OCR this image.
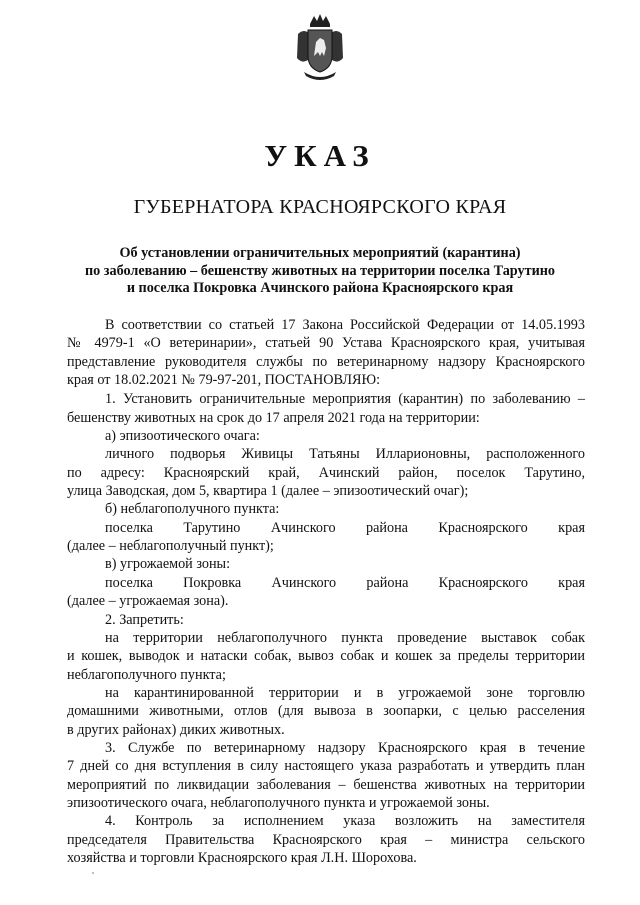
УКАЗ
ГУБЕРНАТОРА КРАСНОЯРСКОГО КРАЯ
Об установлении ограничительных мероприятий (карантина)
по заболеванию – бешенству животных на территории поселка Тарутино
и поселка Покровка Ачинского района Красноярского края
В соответствии со статьей 17 Закона Российской Федерации от 14.05.1993
№ 4979-1 «О ветеринарии», статьей 90 Устава Красноярского края, учитывая
представление руководителя службы по ветеринарному надзору Красноярского
края от 18.02.2021 № 79-97-201, ПОСТАНОВЛЯЮ:
1. Установить ограничительные мероприятия (карантин) по заболеванию –
бешенству животных на срок до 17 апреля 2021 года на территории:
а) эпизоотического очага:
личного подворья Живицы Татьяны Илларионовны, расположенного
по адресу: Красноярский край, Ачинский район, поселок Тарутино,
улица Заводская, дом 5, квартира 1 (далее – эпизоотический очаг);
б) неблагополучного пункта:
поселка Тарутино Ачинского района Красноярского края
(далее – неблагополучный пункт);
в) угрожаемой зоны:
поселка Покровка Ачинского района Красноярского края
(далее – угрожаемая зона).
2. Запретить:
на территории неблагополучного пункта проведение выставок собак
и кошек, выводок и натаски собак, вывоз собак и кошек за пределы территории
неблагополучного пункта;
на карантинированной территории и в угрожаемой зоне торговлю
домашними животными, отлов (для вывоза в зоопарки, с целью расселения
в других районах) диких животных.
3. Службе по ветеринарному надзору Красноярского края в течение
7 дней со дня вступления в силу настоящего указа разработать и утвердить план
мероприятий по ликвидации заболевания – бешенства животных на территории
эпизоотического очага, неблагополучного пункта и угрожаемой зоны.
4. Контроль за исполнением указа возложить на заместителя
председателя Правительства Красноярского края – министра сельского
хозяйства и торговли Красноярского края Л.Н. Шорохова.
